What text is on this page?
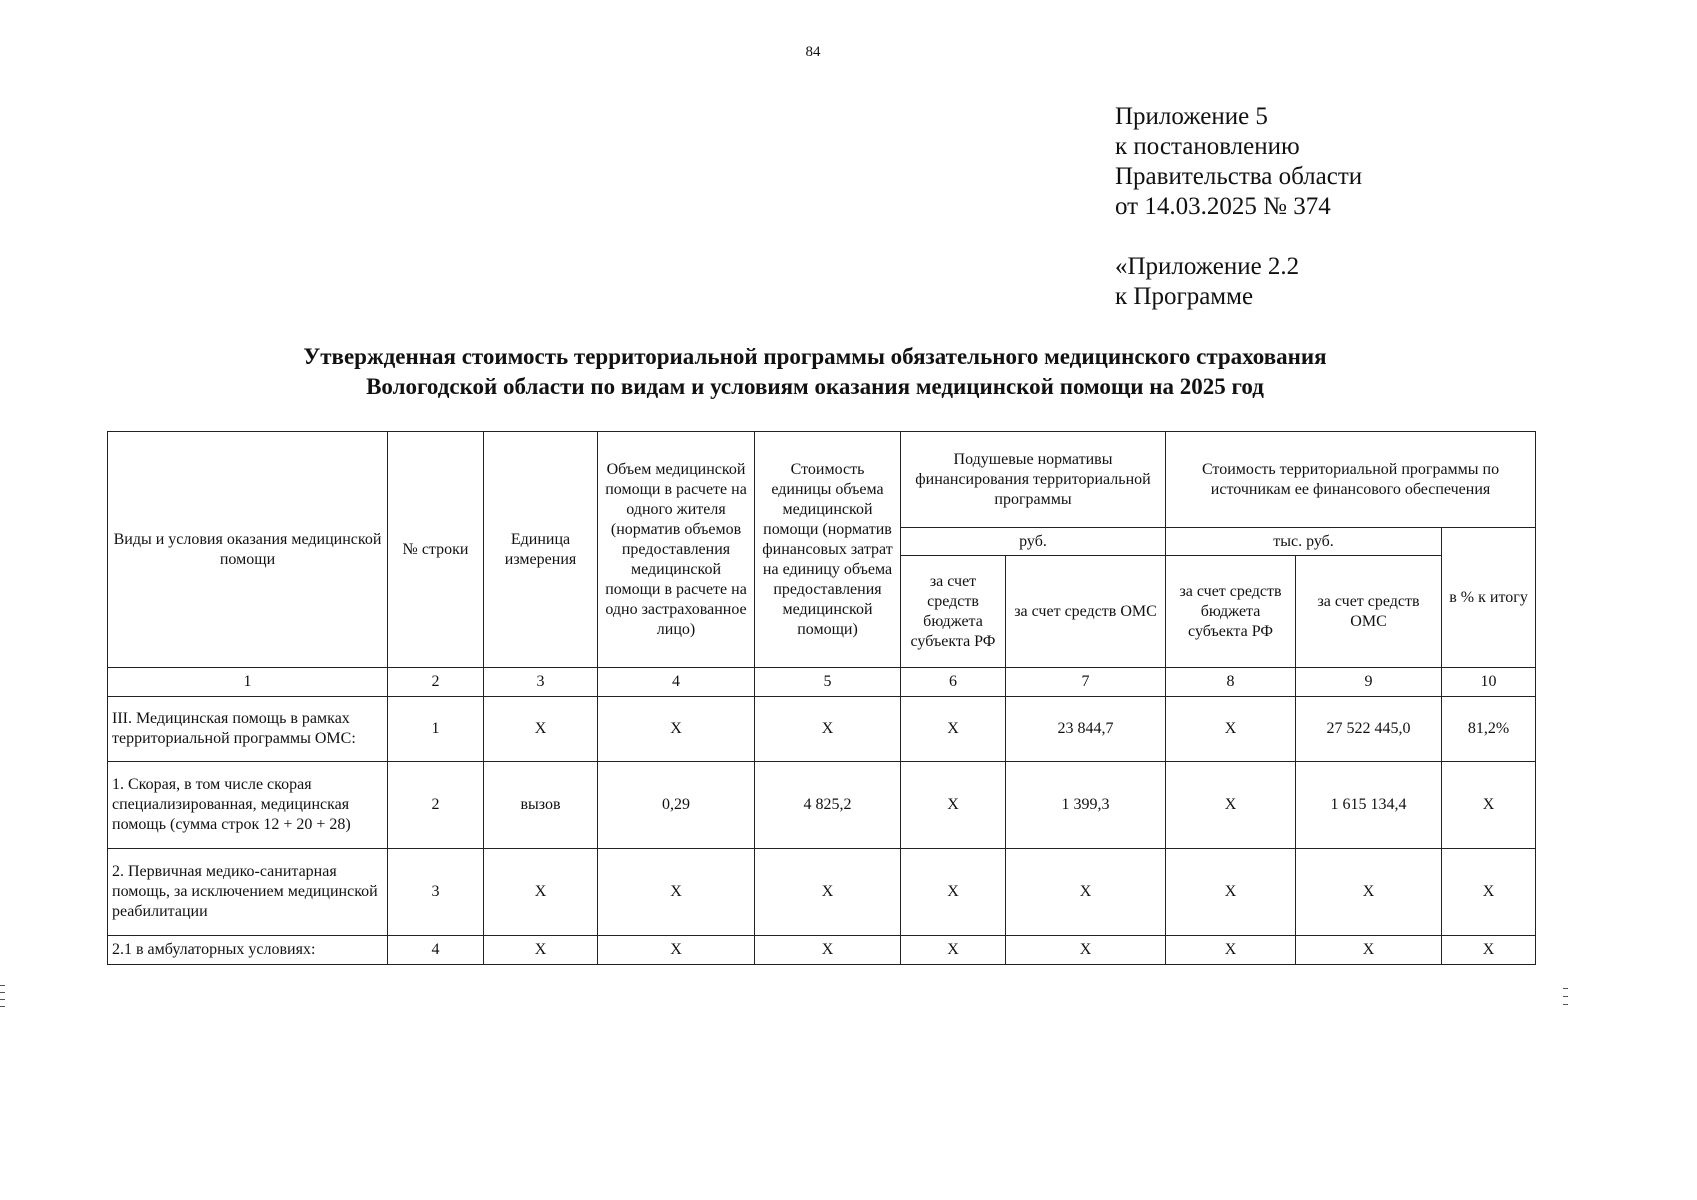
84
Приложение 5
к постановлению
Правительства области
от 14.03.2025 № 374
«Приложение 2.2
к Программе
Утвержденная стоимость территориальной программы обязательного медицинского страхования
Вологодской области по видам и условиям оказания медицинской помощи на 2025 год
Виды и условия оказания медицинской помощи	№ строки	Единица измерения	Объем медицинской помощи в расчете на одного жителя (норматив объемов предоставления медицинской помощи в расчете на одно застрахованное лицо)	Стоимость единицы объема медицинской помощи (норматив финансовых затрат на единицу объема предоставления медицинской помощи)	Подушевые нормативы финансирования территориальной программы		Стоимость территориальной программы по источникам ее финансового обеспечения		
					руб.		тыс. руб.		в % к итогу
					за счет средств бюджета субъекта РФ	за счет средств ОМС	за счет средств бюджета субъекта РФ	за счет средств ОМС	
1	2	3	4	5	6	7	8	9	10
III. Медицинская помощь в рамках территориальной программы ОМС:	1	X	X	X	X	23 844,7	X	27 522 445,0	81,2%
1. Скорая, в том числе скорая специализированная, медицинская помощь (сумма строк 12 + 20 + 28)	2	вызов	0,29	4 825,2	X	1 399,3	X	1 615 134,4	X
2. Первичная медико-санитарная помощь, за исключением медицинской реабилитации	3	X	X	X	X	X	X	X	X
2.1 в амбулаторных условиях:	4	X	X	X	X	X	X	X	X
